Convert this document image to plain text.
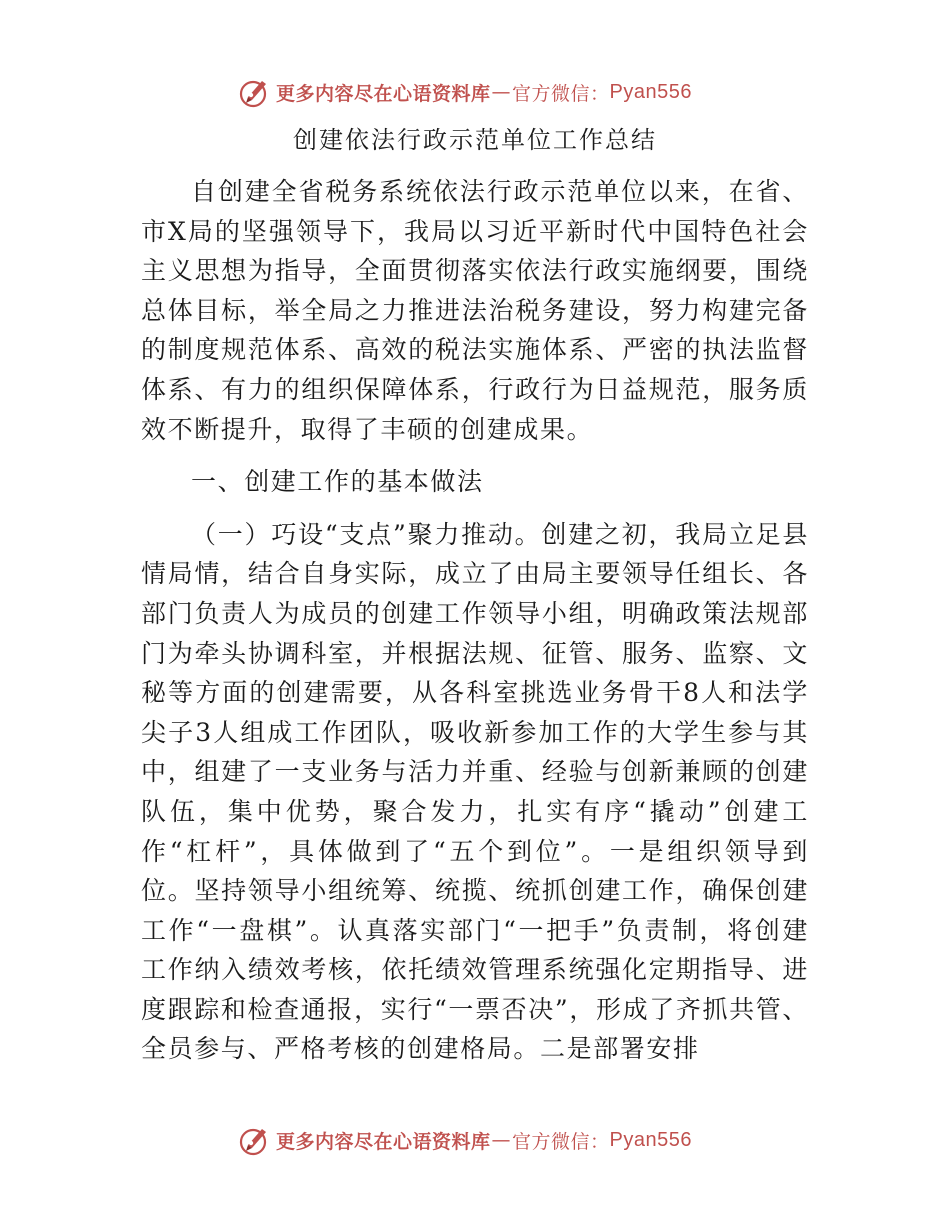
更多内容尽在心语资料库 — 官方微信： Pyan556
创建依法行政示范单位工作总结

自创建全省税务系统依法行政示范单位以来，在省、市X局的坚强领导下，我局以习近平新时代中国特色社会主义思想为指导，全面贯彻落实依法行政实施纲要，围绕总体目标，举全局之力推进法治税务建设，努力构建完备的制度规范体系、高效的税法实施体系、严密的执法监督体系、有力的组织保障体系，行政行为日益规范，服务质效不断提升，取得了丰硕的创建成果。

一、创建工作的基本做法

（一）巧设“支点”聚力推动。创建之初，我局立足县情局情，结合自身实际，成立了由局主要领导任组长、各部门负责人为成员的创建工作领导小组，明确政策法规部门为牵头协调科室，并根据法规、征管、服务、监察、文秘等方面的创建需要，从各科室挑选业务骨干8人和法学尖子3人组成工作团队，吸收新参加工作的大学生参与其中，组建了一支业务与活力并重、经验与创新兼顾的创建队伍，集中优势，聚合发力，扎实有序“撬动”创建工作“杠杆”，具体做到了“五个到位”。一是组织领导到位。坚持领导小组统筹、统揽、统抓创建工作，确保创建工作“一盘棋”。认真落实部门“一把手”负责制，将创建工作纳入绩效考核，依托绩效管理系统强化定期指导、进度跟踪和检查通报，实行“一票否决”，形成了齐抓共管、全员参与、严格考核的创建格局。二是部署安排

更多内容尽在心语资料库 — 官方微信： Pyan556
